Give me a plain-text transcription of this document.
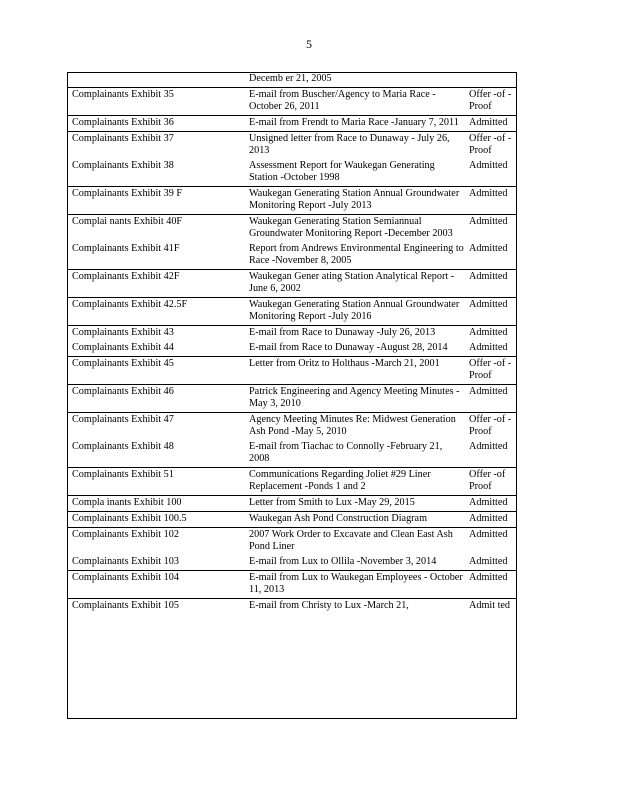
5
	Decemb er 21, 2005	
Complainants Exhibit 35	E-mail from Buscher/Agency to Maria Race -October 26, 2011	Offer -of - Proof
Complainants Exhibit 36	E-mail from Frendt to Maria Race -January 7, 2011	Admitted
Complainants Exhibit 37	Unsigned letter from Race to Dunaway - July 26, 2013	Offer -of - Proof
Complainants Exhibit 38	Assessment Report for Waukegan Generating Station -October 1998	Admitted
Complainants Exhibit 39 F	Waukegan Generating Station Annual Groundwater Monitoring Report -July 2013	Admitted
Complai nants Exhibit 40F	Waukegan Generating Station Semiannual Groundwater Monitoring Report -December 2003	Admitted
Complainants Exhibit 41F	Report from Andrews Environmental Engineering to Race -November 8, 2005	Admitted
Complainants Exhibit 42F	Waukegan Gener ating Station Analytical Report -June 6, 2002	Admitted
Complainants Exhibit 42.5F	Waukegan Generating Station Annual Groundwater Monitoring Report -July 2016	Admitted
Complainants Exhibit 43	E-mail from Race to Dunaway -July 26, 2013	Admitted
Complainants Exhibit 44	E-mail from Race to Dunaway -August 28, 2014	Admitted
Complainants Exhibit 45	Letter from Oritz to Holthaus -March 21, 2001	Offer -of - Proof
Complainants Exhibit 46	Patrick Engineering and Agency Meeting Minutes -May 3, 2010	Admitted
Complainants Exhibit 47	Agency Meeting Minutes Re: Midwest Generation Ash Pond -May 5, 2010	Offer -of - Proof
Complainants Exhibit 48	E-mail from Tiachac to Connolly -February 21, 2008	Admitted
Complainants Exhibit 51	Communications Regarding Joliet #29 Liner Replacement -Ponds 1 and 2	Offer -of Proof
Compla inants Exhibit 100	Letter from Smith to Lux -May 29, 2015	Admitted
Complainants Exhibit 100.5	Waukegan Ash Pond Construction Diagram	Admitted
Complainants Exhibit 102	2007 Work Order to Excavate and Clean East Ash Pond Liner	Admitted
Complainants Exhibit 103	E-mail from Lux to Ollila -November 3, 2014	Admitted
Complainants Exhibit 104	E-mail from Lux to Waukegan Employees - October 11, 2013	Admitted
Complainants Exhibit 105	E-mail from Christy to Lux -March 21,	Admit ted
